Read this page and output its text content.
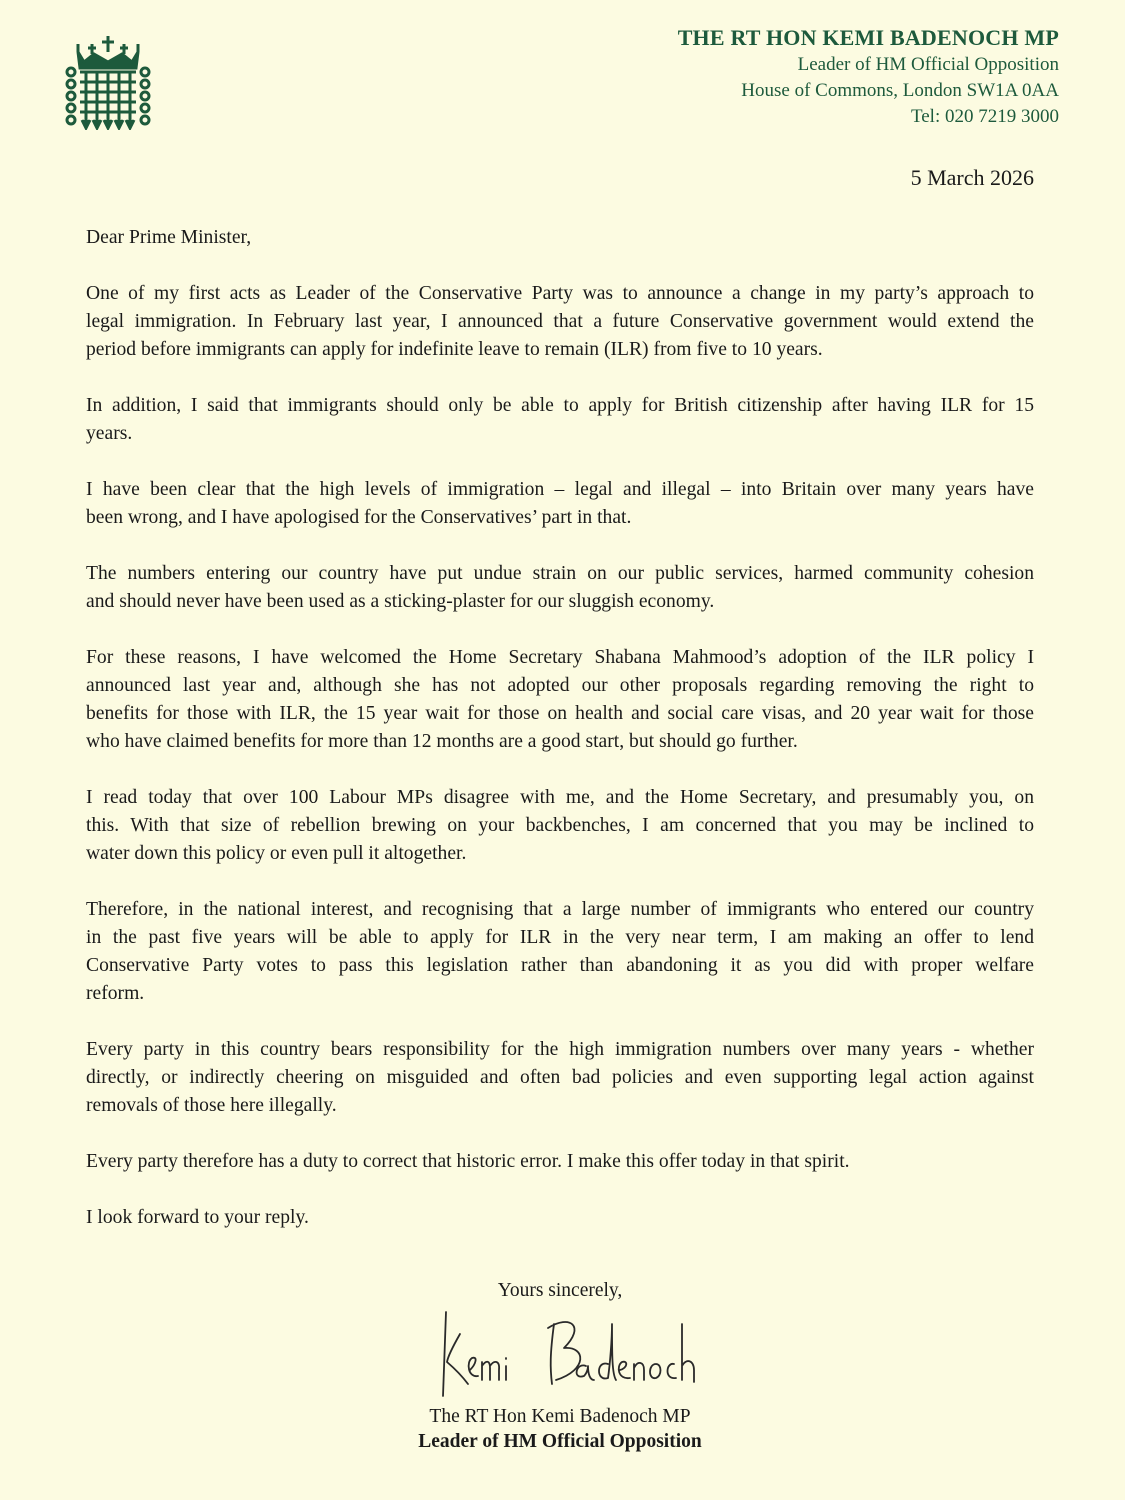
THE RT HON KEMI BADENOCH MP
Leader of HM Official Opposition
House of Commons, London SW1A 0AA
Tel: 020 7219 3000
5 March 2026

Dear Prime Minister,

One of my first acts as Leader of the Conservative Party was to announce a change in my party’s approach to
legal immigration. In February last year, I announced that a future Conservative government would extend the
period before immigrants can apply for indefinite leave to remain (ILR) from five to 10 years.

In addition, I said that immigrants should only be able to apply for British citizenship after having ILR for 15
years.

I have been clear that the high levels of immigration – legal and illegal – into Britain over many years have
been wrong, and I have apologised for the Conservatives’ part in that.

The numbers entering our country have put undue strain on our public services, harmed community cohesion
and should never have been used as a sticking-plaster for our sluggish economy.

For these reasons, I have welcomed the Home Secretary Shabana Mahmood’s adoption of the ILR policy I
announced last year and, although she has not adopted our other proposals regarding removing the right to
benefits for those with ILR, the 15 year wait for those on health and social care visas, and 20 year wait for those
who have claimed benefits for more than 12 months are a good start, but should go further.

I read today that over 100 Labour MPs disagree with me, and the Home Secretary, and presumably you, on
this. With that size of rebellion brewing on your backbenches, I am concerned that you may be inclined to
water down this policy or even pull it altogether.

Therefore, in the national interest, and recognising that a large number of immigrants who entered our country
in the past five years will be able to apply for ILR in the very near term, I am making an offer to lend
Conservative Party votes to pass this legislation rather than abandoning it as you did with proper welfare
reform.

Every party in this country bears responsibility for the high immigration numbers over many years - whether
directly, or indirectly cheering on misguided and often bad policies and even supporting legal action against
removals of those here illegally.

Every party therefore has a duty to correct that historic error. I make this offer today in that spirit.

I look forward to your reply.

Yours sincerely,
The RT Hon Kemi Badenoch MP
Leader of HM Official Opposition
